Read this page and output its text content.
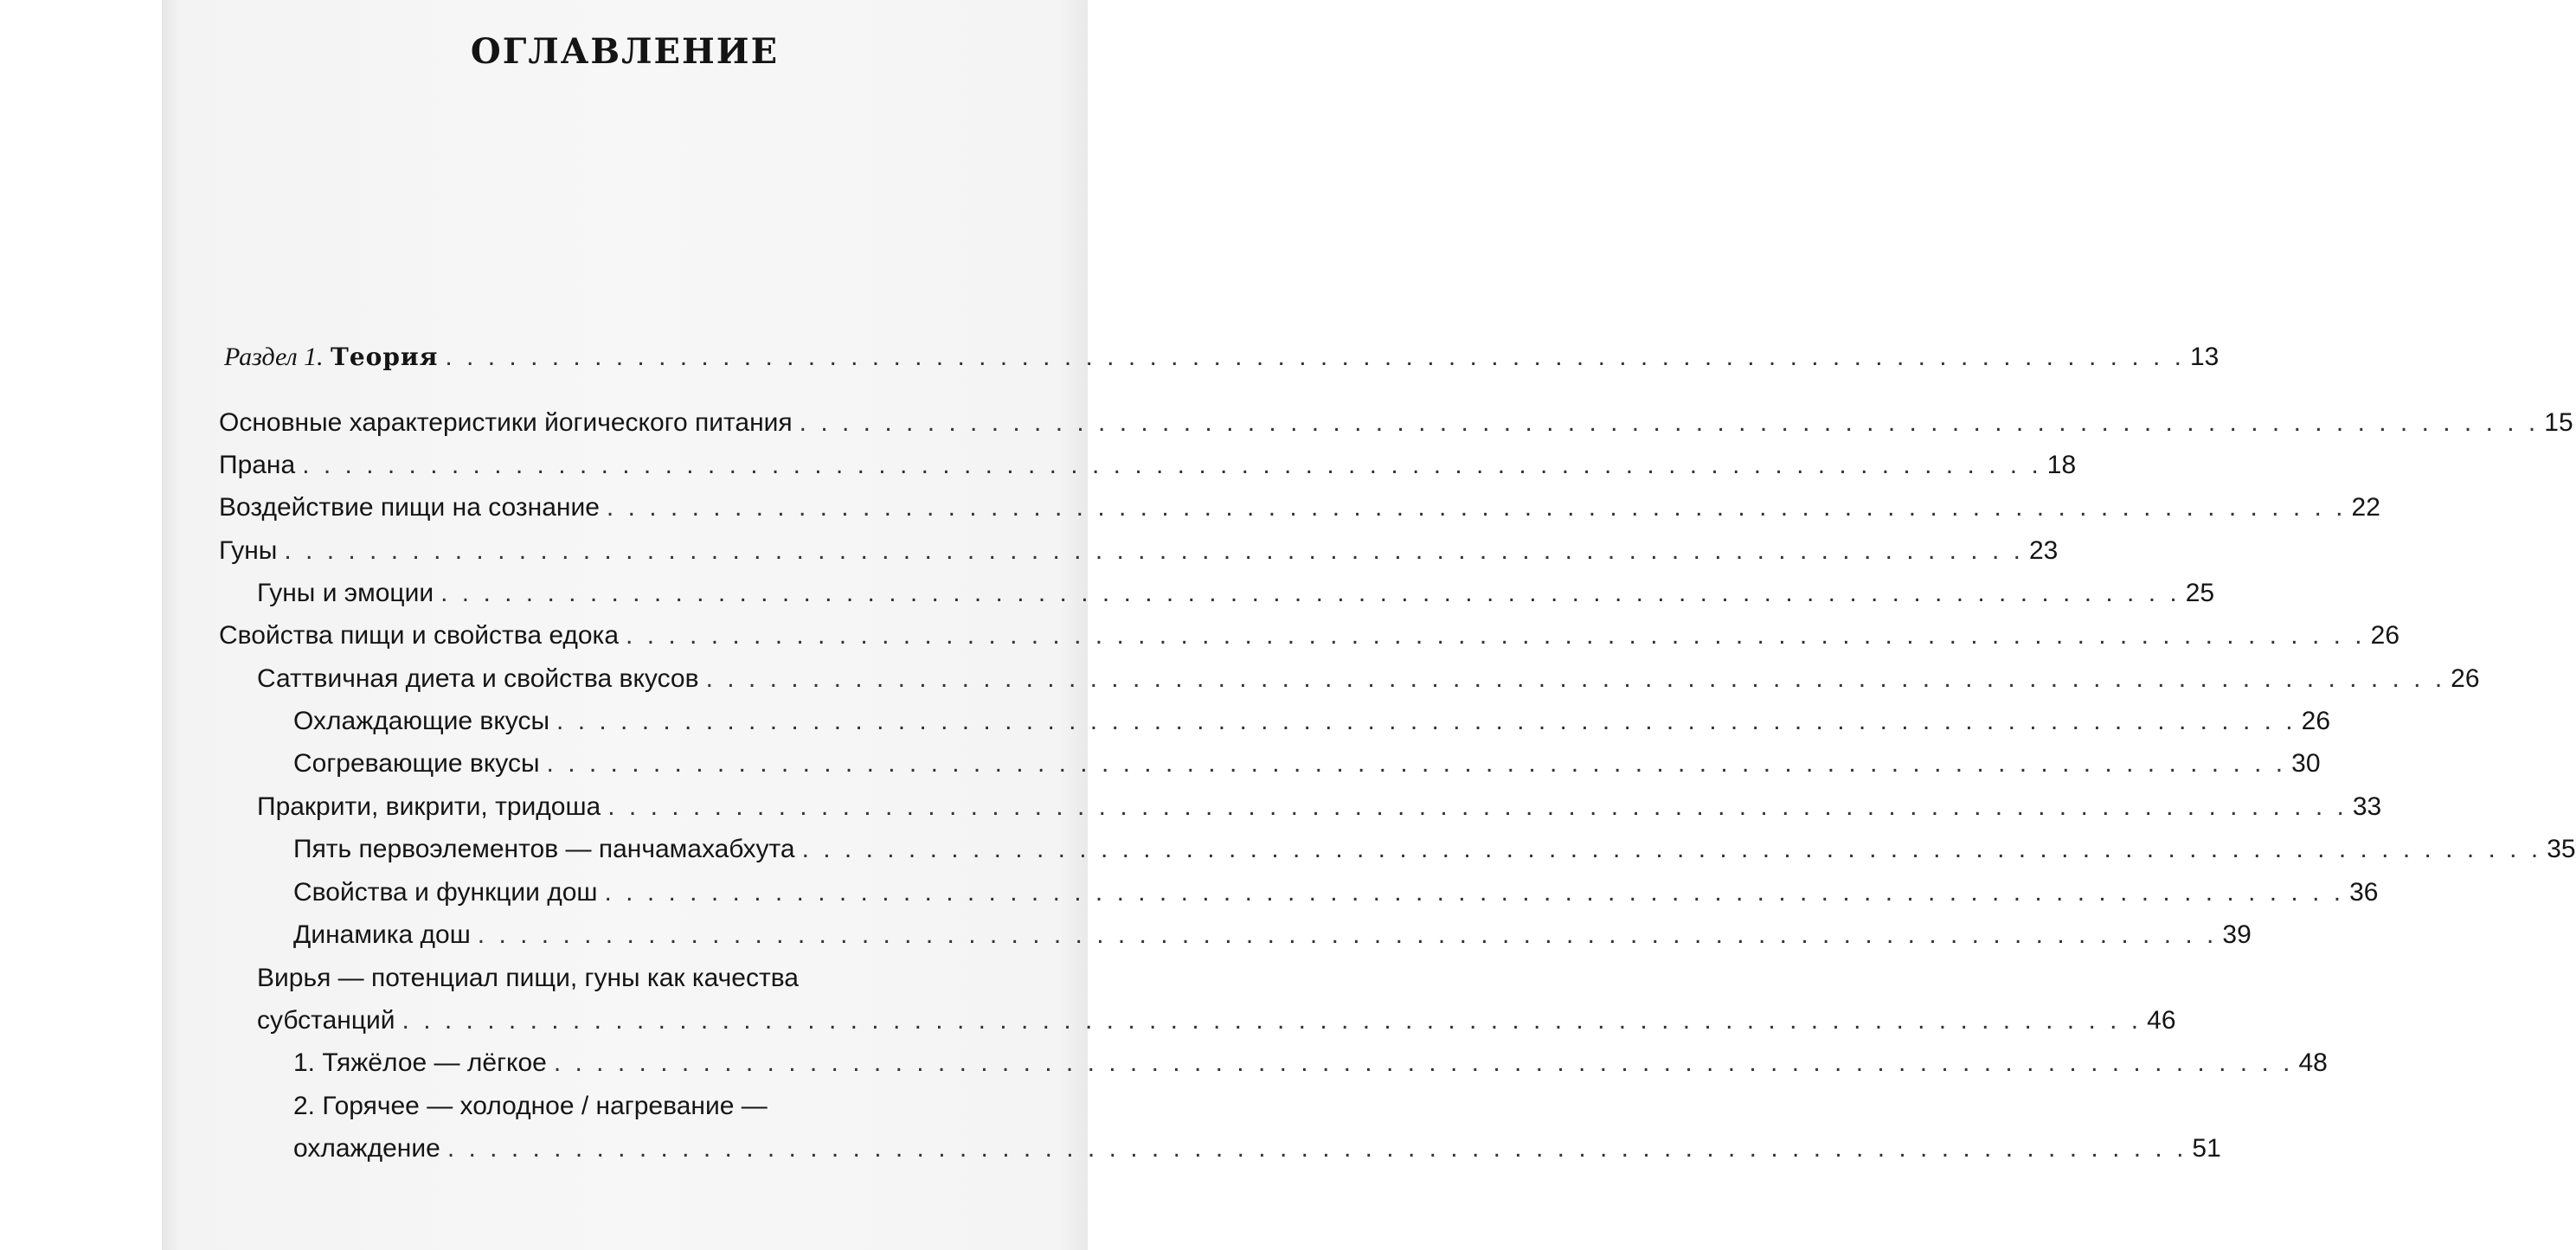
ОГЛАВЛЕНИЕ
Раздел 1. Теория . . . . . . . . . . . . . . . . . . . . . . . . . . . . . . . . . . . . . . . . . . . . . . . . . . . . . . . . . . . . . . . . . . . . . . . . . . . . . . . . . . 13
Основные характеристики йогического питания . . . . . . . . . . . . . . . . . . . . . . . . . . . . . . . . . . . . . . . . . . . . . . . . . . . . . . . . . . . . . . . . . . . . . . . . . . . . . . . . . . 15
Прана . . . . . . . . . . . . . . . . . . . . . . . . . . . . . . . . . . . . . . . . . . . . . . . . . . . . . . . . . . . . . . . . . . . . . . . . . . . . . . . . . . 18
Воздействие пищи на сознание . . . . . . . . . . . . . . . . . . . . . . . . . . . . . . . . . . . . . . . . . . . . . . . . . . . . . . . . . . . . . . . . . . . . . . . . . . . . . . . . . . 22
Гуны . . . . . . . . . . . . . . . . . . . . . . . . . . . . . . . . . . . . . . . . . . . . . . . . . . . . . . . . . . . . . . . . . . . . . . . . . . . . . . . . . . 23
Гуны и эмоции . . . . . . . . . . . . . . . . . . . . . . . . . . . . . . . . . . . . . . . . . . . . . . . . . . . . . . . . . . . . . . . . . . . . . . . . . . . . . . . . . . 25
Свойства пищи и свойства едока . . . . . . . . . . . . . . . . . . . . . . . . . . . . . . . . . . . . . . . . . . . . . . . . . . . . . . . . . . . . . . . . . . . . . . . . . . . . . . . . . . 26
Саттвичная диета и свойства вкусов . . . . . . . . . . . . . . . . . . . . . . . . . . . . . . . . . . . . . . . . . . . . . . . . . . . . . . . . . . . . . . . . . . . . . . . . . . . . . . . . . . 26
Охлаждающие вкусы . . . . . . . . . . . . . . . . . . . . . . . . . . . . . . . . . . . . . . . . . . . . . . . . . . . . . . . . . . . . . . . . . . . . . . . . . . . . . . . . . . 26
Согревающие вкусы . . . . . . . . . . . . . . . . . . . . . . . . . . . . . . . . . . . . . . . . . . . . . . . . . . . . . . . . . . . . . . . . . . . . . . . . . . . . . . . . . . 30
Пракрити, викрити, тридоша . . . . . . . . . . . . . . . . . . . . . . . . . . . . . . . . . . . . . . . . . . . . . . . . . . . . . . . . . . . . . . . . . . . . . . . . . . . . . . . . . . 33
Пять первоэлементов — панчамахабхута . . . . . . . . . . . . . . . . . . . . . . . . . . . . . . . . . . . . . . . . . . . . . . . . . . . . . . . . . . . . . . . . . . . . . . . . . . . . . . . . . . 35
Свойства и функции дош . . . . . . . . . . . . . . . . . . . . . . . . . . . . . . . . . . . . . . . . . . . . . . . . . . . . . . . . . . . . . . . . . . . . . . . . . . . . . . . . . . 36
Динамика дош . . . . . . . . . . . . . . . . . . . . . . . . . . . . . . . . . . . . . . . . . . . . . . . . . . . . . . . . . . . . . . . . . . . . . . . . . . . . . . . . . . 39
Вирья — потенциал пищи, гуны как качества
субстанций . . . . . . . . . . . . . . . . . . . . . . . . . . . . . . . . . . . . . . . . . . . . . . . . . . . . . . . . . . . . . . . . . . . . . . . . . . . . . . . . . . 46
1. Тяжёлое — лёгкое . . . . . . . . . . . . . . . . . . . . . . . . . . . . . . . . . . . . . . . . . . . . . . . . . . . . . . . . . . . . . . . . . . . . . . . . . . . . . . . . . . 48
2. Горячее — холодное / нагревание —
охлаждение . . . . . . . . . . . . . . . . . . . . . . . . . . . . . . . . . . . . . . . . . . . . . . . . . . . . . . . . . . . . . . . . . . . . . . . . . . . . . . . . . . 51
